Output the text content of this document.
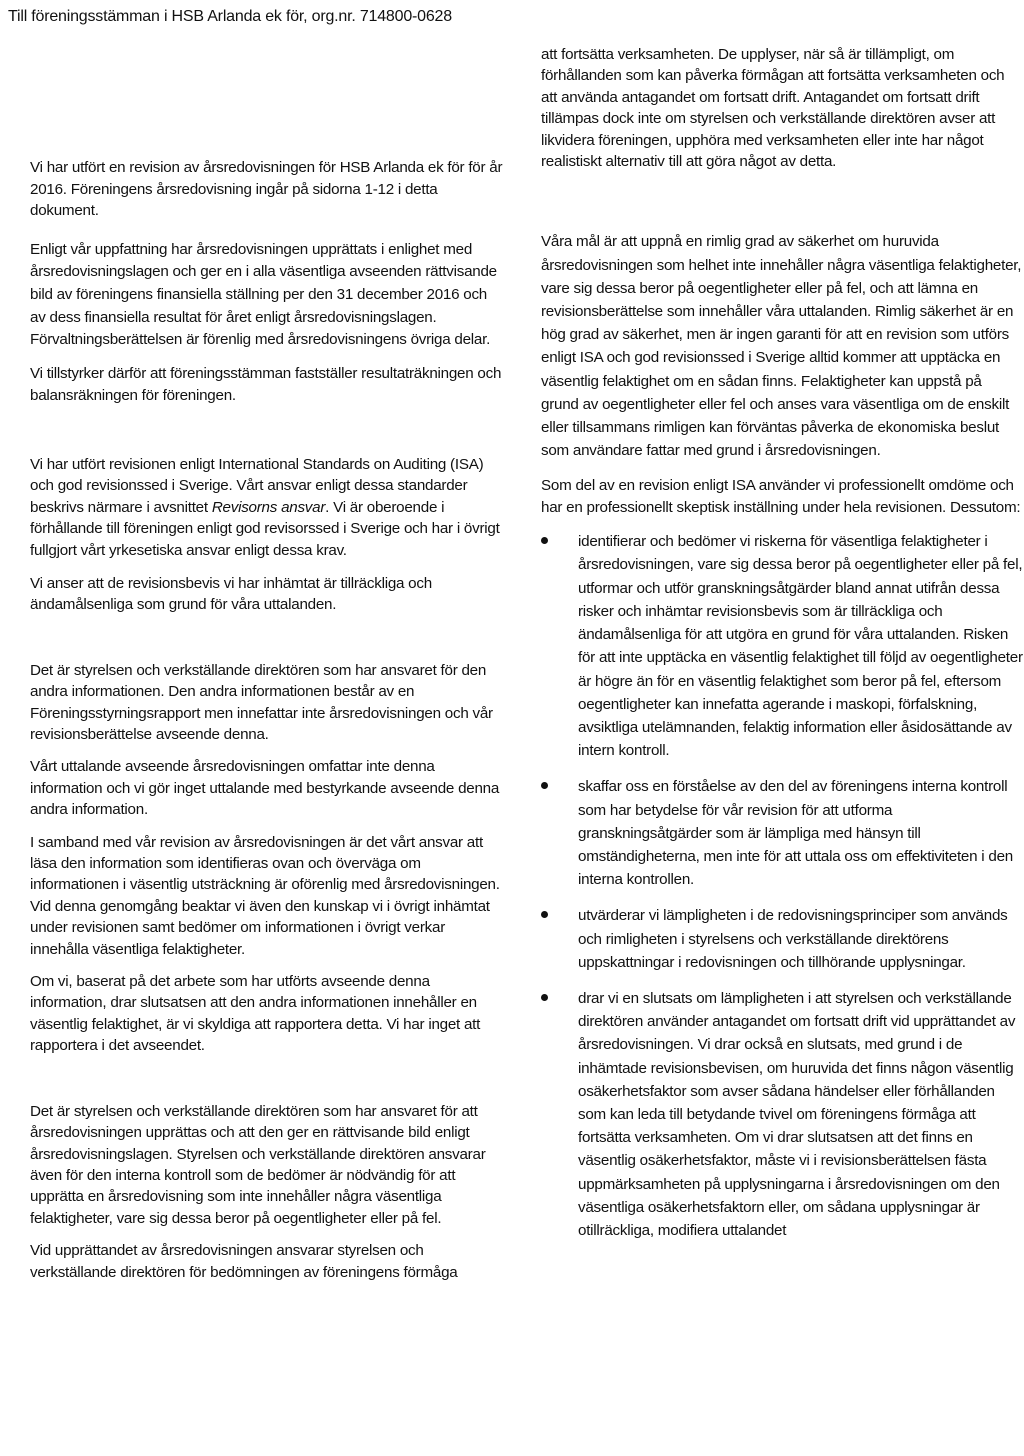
Till föreningsstämman i HSB Arlanda ek för, org.nr. 714800-0628

Vi har utfört en revision av årsredovisningen för HSB Arlanda ek för för år 2016. Föreningens årsredovisning ingår på sidorna 1-12 i detta dokument.

Enligt vår uppfattning har årsredovisningen upprättats i enlighet med årsredovisningslagen och ger en i alla väsentliga avseenden rättvisande bild av föreningens finansiella ställning per den 31 december 2016 och av dess finansiella resultat för året enligt årsredovisningslagen. Förvaltningsberättelsen är förenlig med årsredovisningens övriga delar.

Vi tillstyrker därför att föreningsstämman fastställer resultaträkningen och balansräkningen för föreningen.

Vi har utfört revisionen enligt International Standards on Auditing (ISA) och god revisionssed i Sverige. Vårt ansvar enligt dessa standarder beskrivs närmare i avsnittet Revisorns ansvar. Vi är oberoende i förhållande till föreningen enligt god revisorssed i Sverige och har i övrigt fullgjort vårt yrkesetiska ansvar enligt dessa krav.

Vi anser att de revisionsbevis vi har inhämtat är tillräckliga och ändamålsenliga som grund för våra uttalanden.

Det är styrelsen och verkställande direktören som har ansvaret för den andra informationen. Den andra informationen består av en Föreningsstyrningsrapport men innefattar inte årsredovisningen och vår revisionsberättelse avseende denna.

Vårt uttalande avseende årsredovisningen omfattar inte denna information och vi gör inget uttalande med bestyrkande avseende denna andra information.

I samband med vår revision av årsredovisningen är det vårt ansvar att läsa den information som identifieras ovan och överväga om informationen i väsentlig utsträckning är oförenlig med årsredovisningen. Vid denna genomgång beaktar vi även den kunskap vi i övrigt inhämtat under revisionen samt bedömer om informationen i övrigt verkar innehålla väsentliga felaktigheter.

Om vi, baserat på det arbete som har utförts avseende denna information, drar slutsatsen att den andra informationen innehåller en väsentlig felaktighet, är vi skyldiga att rapportera detta. Vi har inget att rapportera i det avseendet.

Det är styrelsen och verkställande direktören som har ansvaret för att årsredovisningen upprättas och att den ger en rättvisande bild enligt årsredovisningslagen. Styrelsen och verkställande direktören ansvarar även för den interna kontroll som de bedömer är nödvändig för att upprätta en årsredovisning som inte innehåller några väsentliga felaktigheter, vare sig dessa beror på oegentligheter eller på fel.

Vid upprättandet av årsredovisningen ansvarar styrelsen och verkställande direktören för bedömningen av föreningens förmåga

att fortsätta verksamheten. De upplyser, när så är tillämpligt, om förhållanden som kan påverka förmågan att fortsätta verksamheten och att använda antagandet om fortsatt drift. Antagandet om fortsatt drift tillämpas dock inte om styrelsen och verkställande direktören avser att likvidera föreningen, upphöra med verksamheten eller inte har något realistiskt alternativ till att göra något av detta.

Våra mål är att uppnå en rimlig grad av säkerhet om huruvida årsredovisningen som helhet inte innehåller några väsentliga felaktigheter, vare sig dessa beror på oegentligheter eller på fel, och att lämna en revisionsberättelse som innehåller våra uttalanden. Rimlig säkerhet är en hög grad av säkerhet, men är ingen garanti för att en revision som utförs enligt ISA och god revisionssed i Sverige alltid kommer att upptäcka en väsentlig felaktighet om en sådan finns. Felaktigheter kan uppstå på grund av oegentligheter eller fel och anses vara väsentliga om de enskilt eller tillsammans rimligen kan förväntas påverka de ekonomiska beslut som användare fattar med grund i årsredovisningen.

Som del av en revision enligt ISA använder vi professionellt omdöme och har en professionellt skeptisk inställning under hela revisionen. Dessutom:

identifierar och bedömer vi riskerna för väsentliga felaktigheter i årsredovisningen, vare sig dessa beror på oegentligheter eller på fel, utformar och utför granskningsåtgärder bland annat utifrån dessa risker och inhämtar revisionsbevis som är tillräckliga och ändamålsenliga för att utgöra en grund för våra uttalanden. Risken för att inte upptäcka en väsentlig felaktighet till följd av oegentligheter är högre än för en väsentlig felaktighet som beror på fel, eftersom oegentligheter kan innefatta agerande i maskopi, förfalskning, avsiktliga utelämnanden, felaktig information eller åsidosättande av intern kontroll.
skaffar oss en förståelse av den del av föreningens interna kontroll som har betydelse för vår revision för att utforma granskningsåtgärder som är lämpliga med hänsyn till omständigheterna, men inte för att uttala oss om effektiviteten i den interna kontrollen.
utvärderar vi lämpligheten i de redovisningsprinciper som används och rimligheten i styrelsens och verkställande direktörens uppskattningar i redovisningen och tillhörande upplysningar.
drar vi en slutsats om lämpligheten i att styrelsen och verkställande direktören använder antagandet om fortsatt drift vid upprättandet av årsredovisningen. Vi drar också en slutsats, med grund i de inhämtade revisionsbevisen, om huruvida det finns någon väsentlig osäkerhetsfaktor som avser sådana händelser eller förhållanden som kan leda till betydande tvivel om föreningens förmåga att fortsätta verksamheten. Om vi drar slutsatsen att det finns en väsentlig osäkerhetsfaktor, måste vi i revisionsberättelsen fästa uppmärksamheten på upplysningarna i årsredovisningen om den väsentliga osäkerhetsfaktorn eller, om sådana upplysningar är otillräckliga, modifiera uttalandet
